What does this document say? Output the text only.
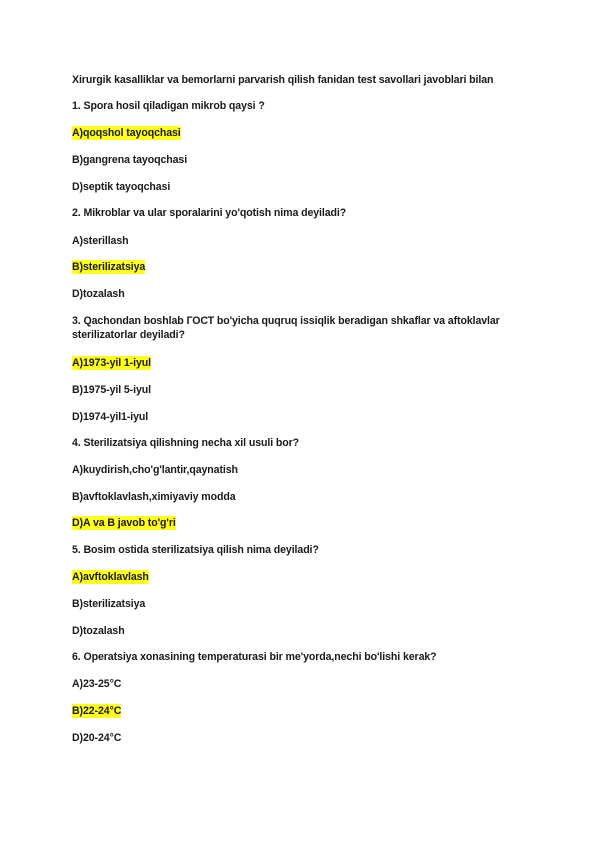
Xirurgik kasalliklar va bemorlarni parvarish qilish fanidan test savollari javoblari bilan

1. Spora hosil qiladigan mikrob qaysi ?

A)qoqshol tayoqchasi

B)gangrena tayoqchasi

D)septik tayoqchasi

2. Mikroblar va ular sporalarini yo'qotish nima deyiladi?

A)sterillash

B)sterilizatsiya

D)tozalash

3. Qachondan boshlab ГОСТ bo'yicha quqruq issiqlik beradigan shkaflar va aftoklavlar sterilizatorlar deyiladi?

A)1973-yil 1-iyul

B)1975-yil 5-iyul

D)1974-yil1-iyul

4. Sterilizatsiya qilishning necha xil usuli bor?

A)kuydirish,cho'g'lantir,qaynatish

B)avftoklavlash,ximiyaviy modda

D)A va B javob to'g'ri

5. Bosim ostida sterilizatsiya qilish nima deyiladi?

A)avftoklavlash

B)sterilizatsiya

D)tozalash

6. Operatsiya xonasining temperaturasi bir me'yorda,nechi bo'lishi kerak?

A)23-25°C

B)22-24°C

D)20-24°C
